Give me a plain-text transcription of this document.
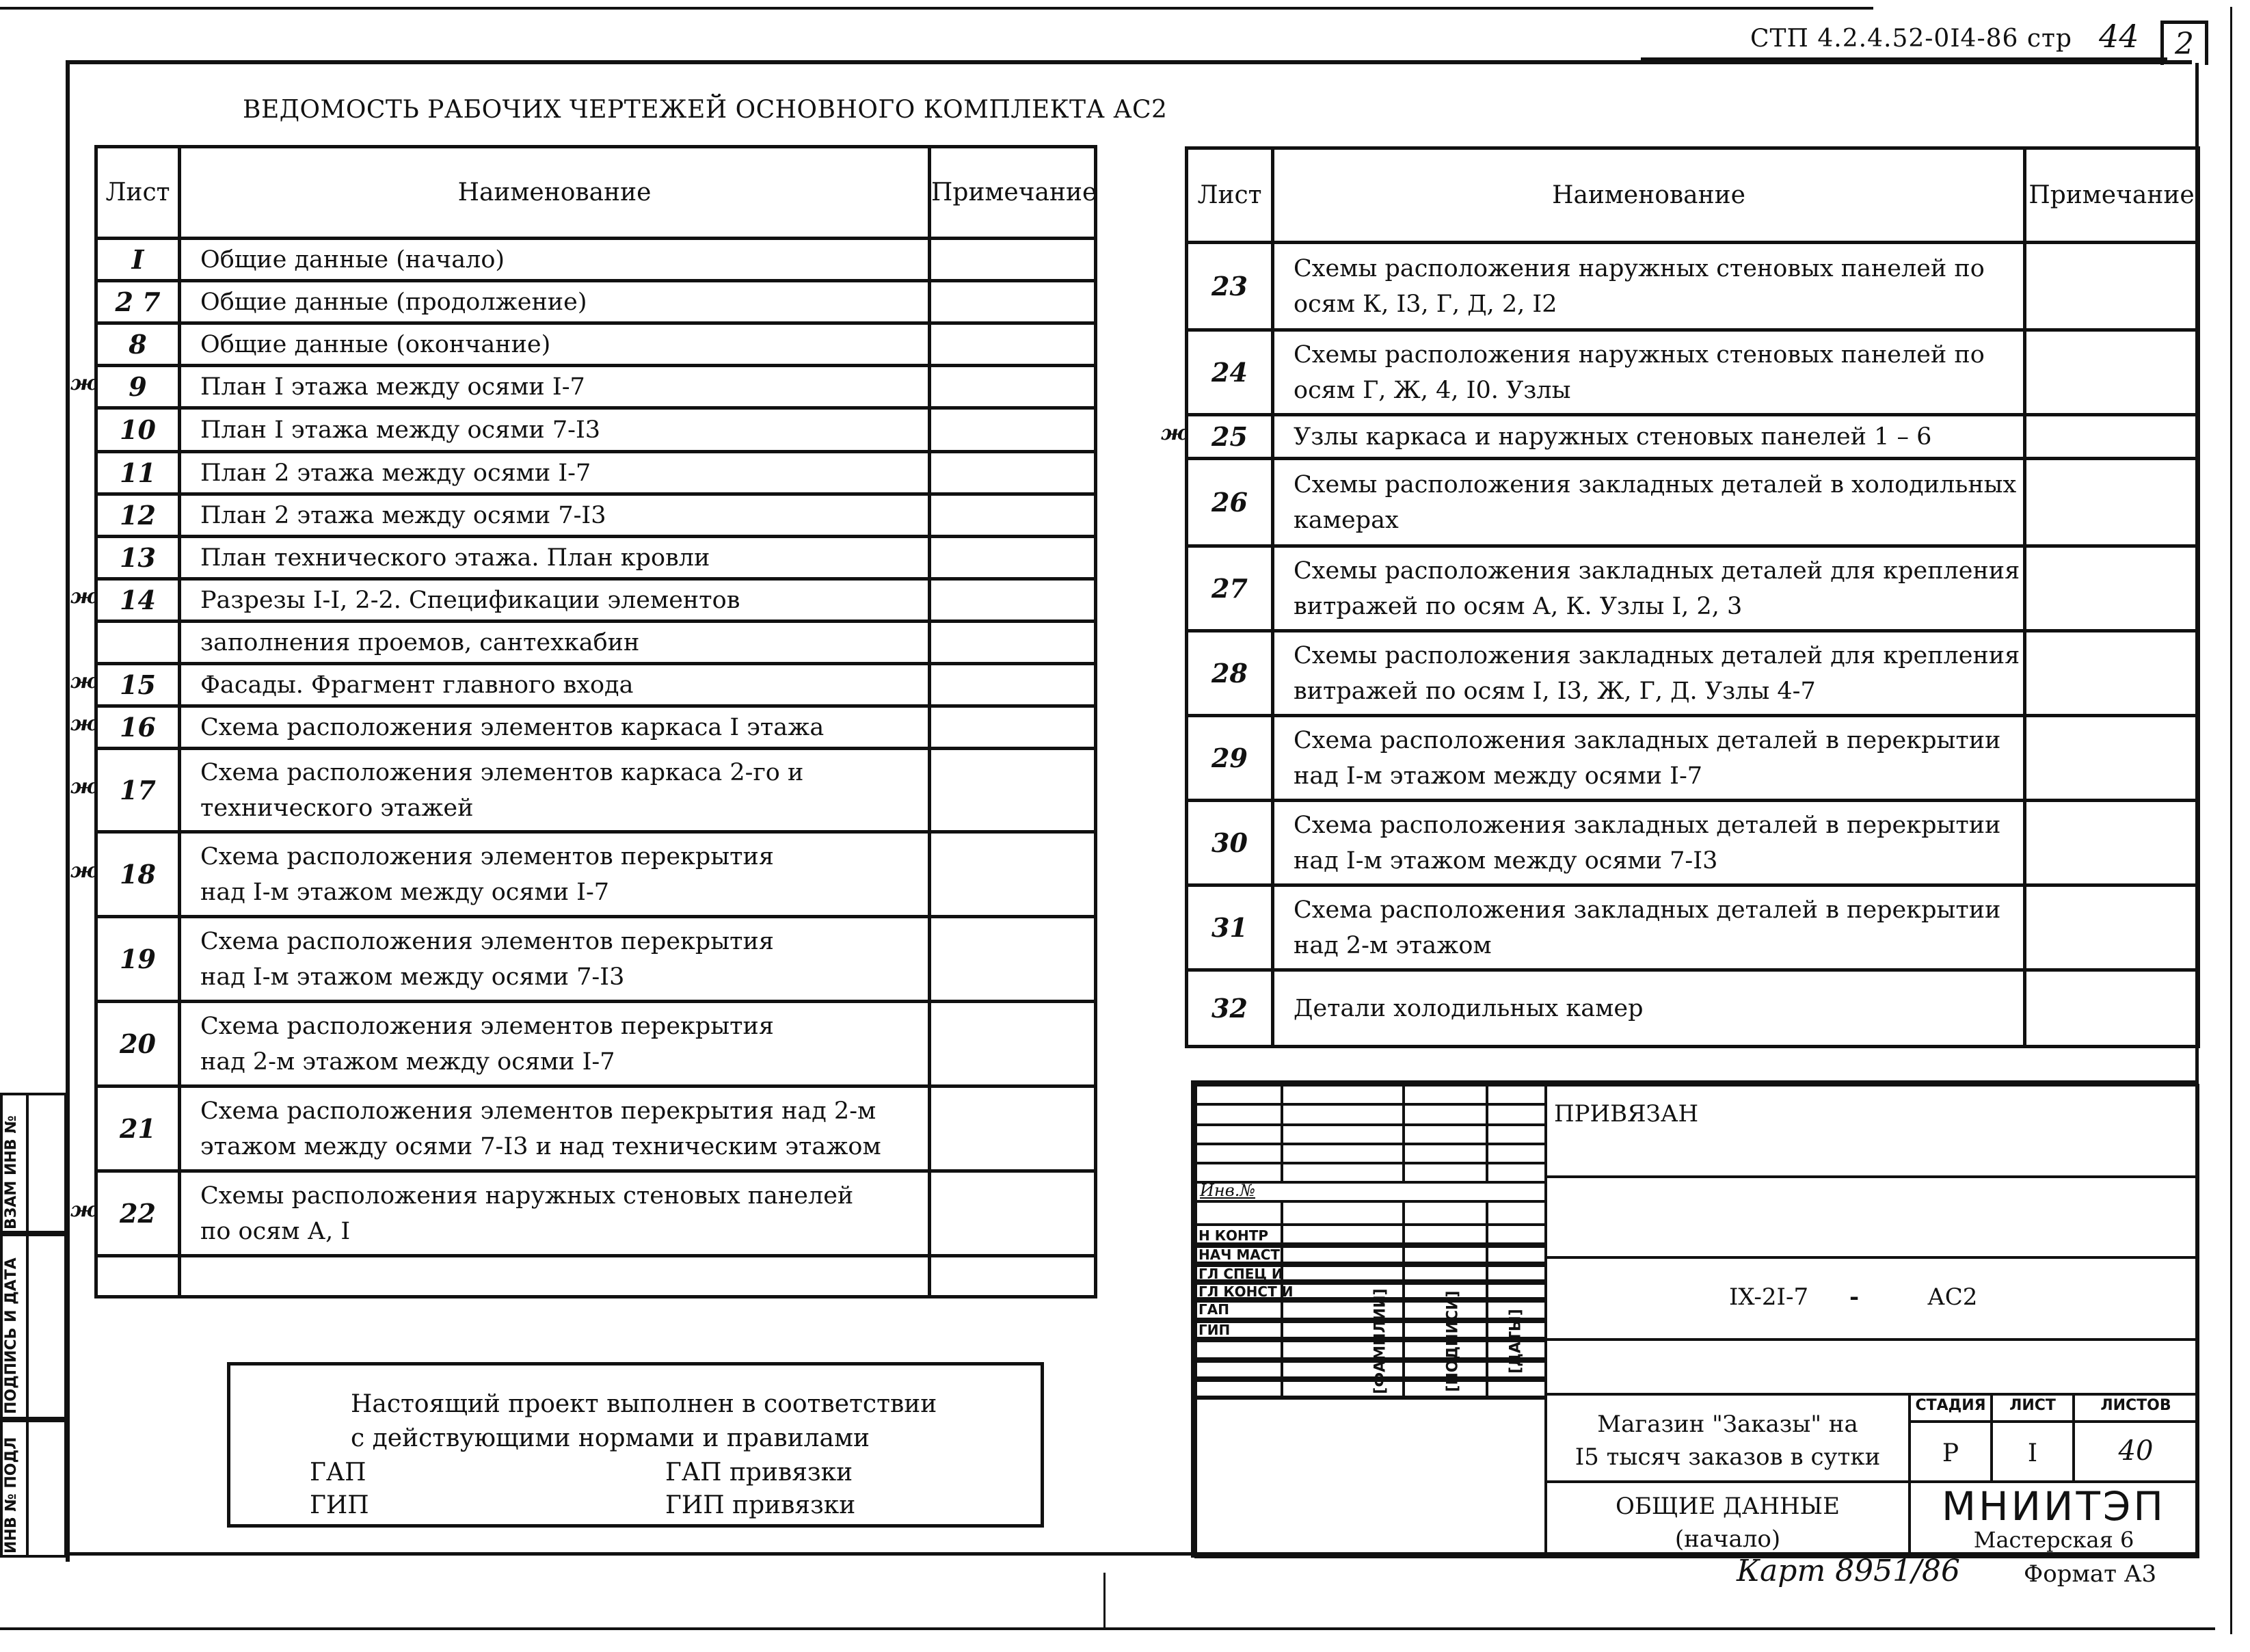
СТП 4.2.4.52-0I4-86 стр 44	2
ВЕДОМОСТЬ РАБОЧИХ ЧЕРТЕЖЕЙ ОСНОВНОГО КОМПЛЕКТА АС2
Лист	Наименование	Примечание
I	Общие данные (начало)	

2 7	Общие данные (продолжение)	

8	Общие данные (окончание)	

ж 9	План I этажа между осями I-7	

10	План I этажа между осями 7-I3	

11	План 2 этажа между осями I-7	

12	План 2 этажа между осями 7-I3	

13	План технического этажа. План кровли	

ж 14	Разрезы I-I, 2-2. Спецификации элементов	

	заполнения проемов, сантехкабин	

ж 15	Фасады. Фрагмент главного входа	

ж 16	Схема расположения элементов каркаса I этажа	

ж 17	Схема расположения элементов каркаса 2-го и
технического этажей	

ж 18	Схема расположения элементов перекрытия
над I-м этажом между осями I-7	

19	Схема расположения элементов перекрытия
над I-м этажом между осями 7-I3	

20	Схема расположения элементов перекрытия
над 2-м этажом между осями I-7	

21	Схема расположения элементов перекрытия над 2-м
этажом между осями 7-I3 и над техническим этажом	

ж 22	Схемы расположения наружных стеновых панелей
по осям А, I	

Лист	Наименование	Примечание
23	Схемы расположения наружных стеновых панелей по
осям К, I3, Г, Д, 2, I2	

24	Схемы расположения наружных стеновых панелей по
осям Г, Ж, 4, I0. Узлы	

ж 25	Узлы каркаса и наружных стеновых панелей 1 – 6	

26	Схемы расположения закладных деталей в холодильных
камерах	

27	Схемы расположения закладных деталей для крепления
витражей по осям А, К. Узлы I, 2, 3	

28	Схемы расположения закладных деталей для крепления
витражей по осям I, I3, Ж, Г, Д. Узлы 4-7	

29	Схема расположения закладных деталей в перекрытии
над I-м этажом между осями I-7	

30	Схема расположения закладных деталей в перекрытии
над I-м этажом между осями 7-I3	

31	Схема расположения закладных деталей в перекрытии
над 2-м этажом	

32	Детали холодильных камер	

Настоящий проект выполнен в соответствии
с действующими нормами и правилами
ГАП
ГИП
ГАП привязки
ГИП привязки
ИНВ № ПОДЛ
ПОДПИСЬ И ДАТА
ВЗАМ ИНВ №	Инв.№
Н КОНТР
НАЧ МАСТ
ГЛ СПЕЦ И
ГЛ КОНСТ И
ГАП
ГИП	[ФАМИЛИИ]	[ПОДПИСИ]	[ДАТЫ]
ПРИВЯЗАН
IX-2I-7 -	АС2
Магазин "Заказы" на
I5 тысяч заказов в сутки
СТАДИЯ	ЛИСТ	ЛИСТОВ
Р	I	40
ОБЩИЕ ДАННЫЕ
(начало)
МНИИТЭП
Мастерская 6
Карт 8951/86	Формат А3
